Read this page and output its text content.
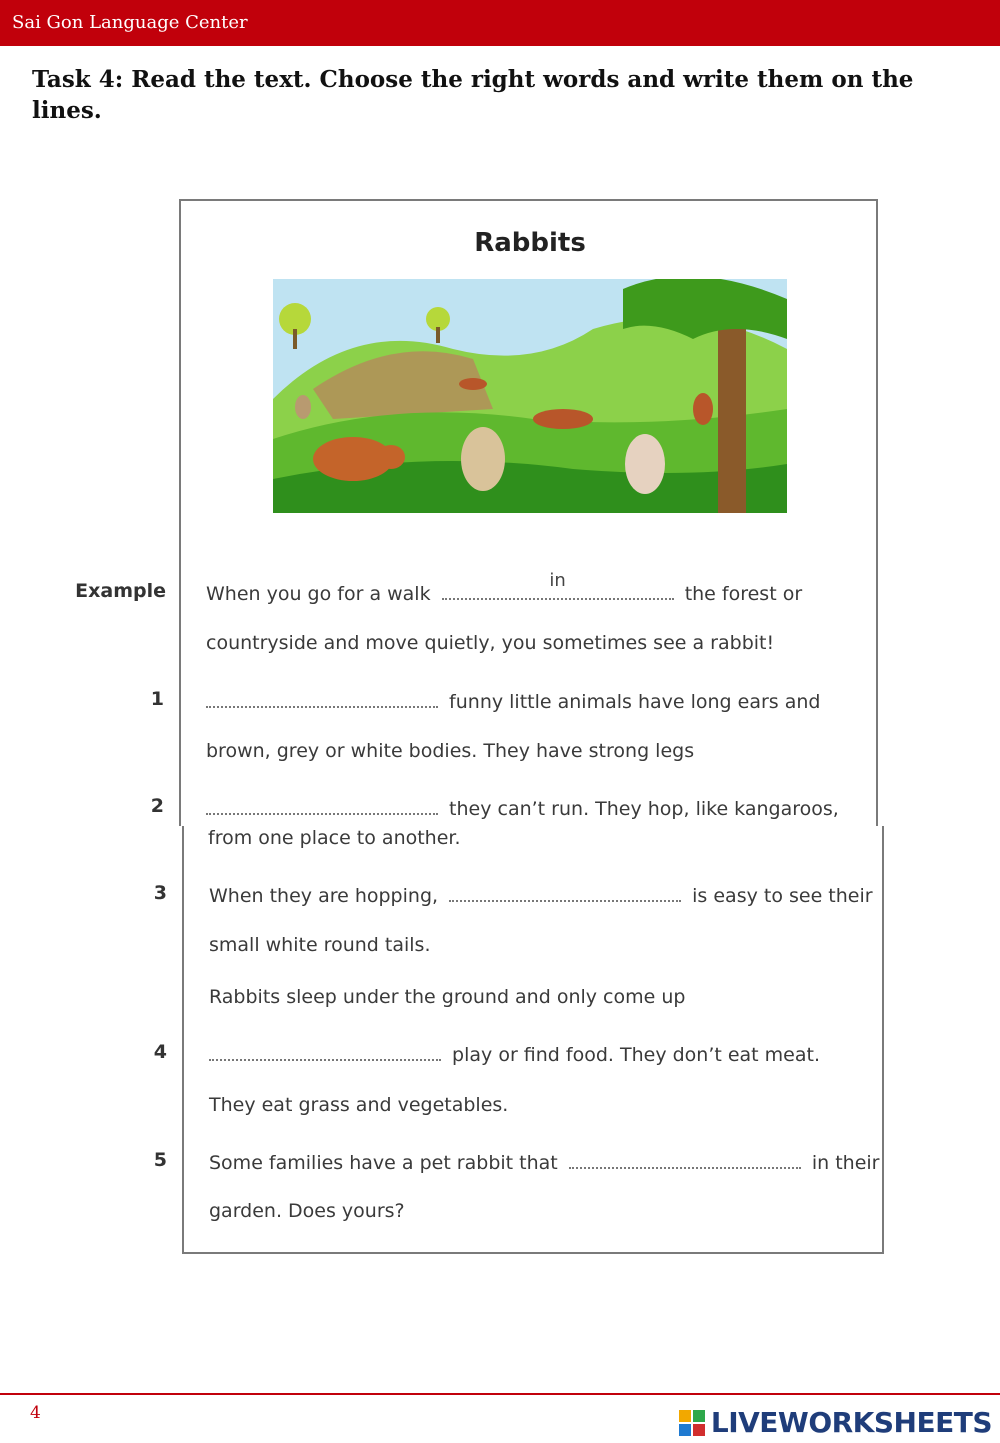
Sai Gon Language Center
Task 4: Read the text. Choose the right words and write them on the lines.
Rabbits
Example When you go for a walk
in
the forest or
countryside and move quietly, you sometimes see a rabbit!
1	funny little animals have long ears and
brown, grey or white bodies. They have strong legs
2	they can’t run. They hop, like kangaroos,
from one place to another.
3 When they are hopping,	is easy to see their
small white round tails.
Rabbits sleep under the ground and only come up
4	play or find food. They don’t eat meat.
They eat grass and vegetables.
5 Some families have a pet rabbit that	in their
garden. Does yours?
4	LIVEWORKSHEETS
